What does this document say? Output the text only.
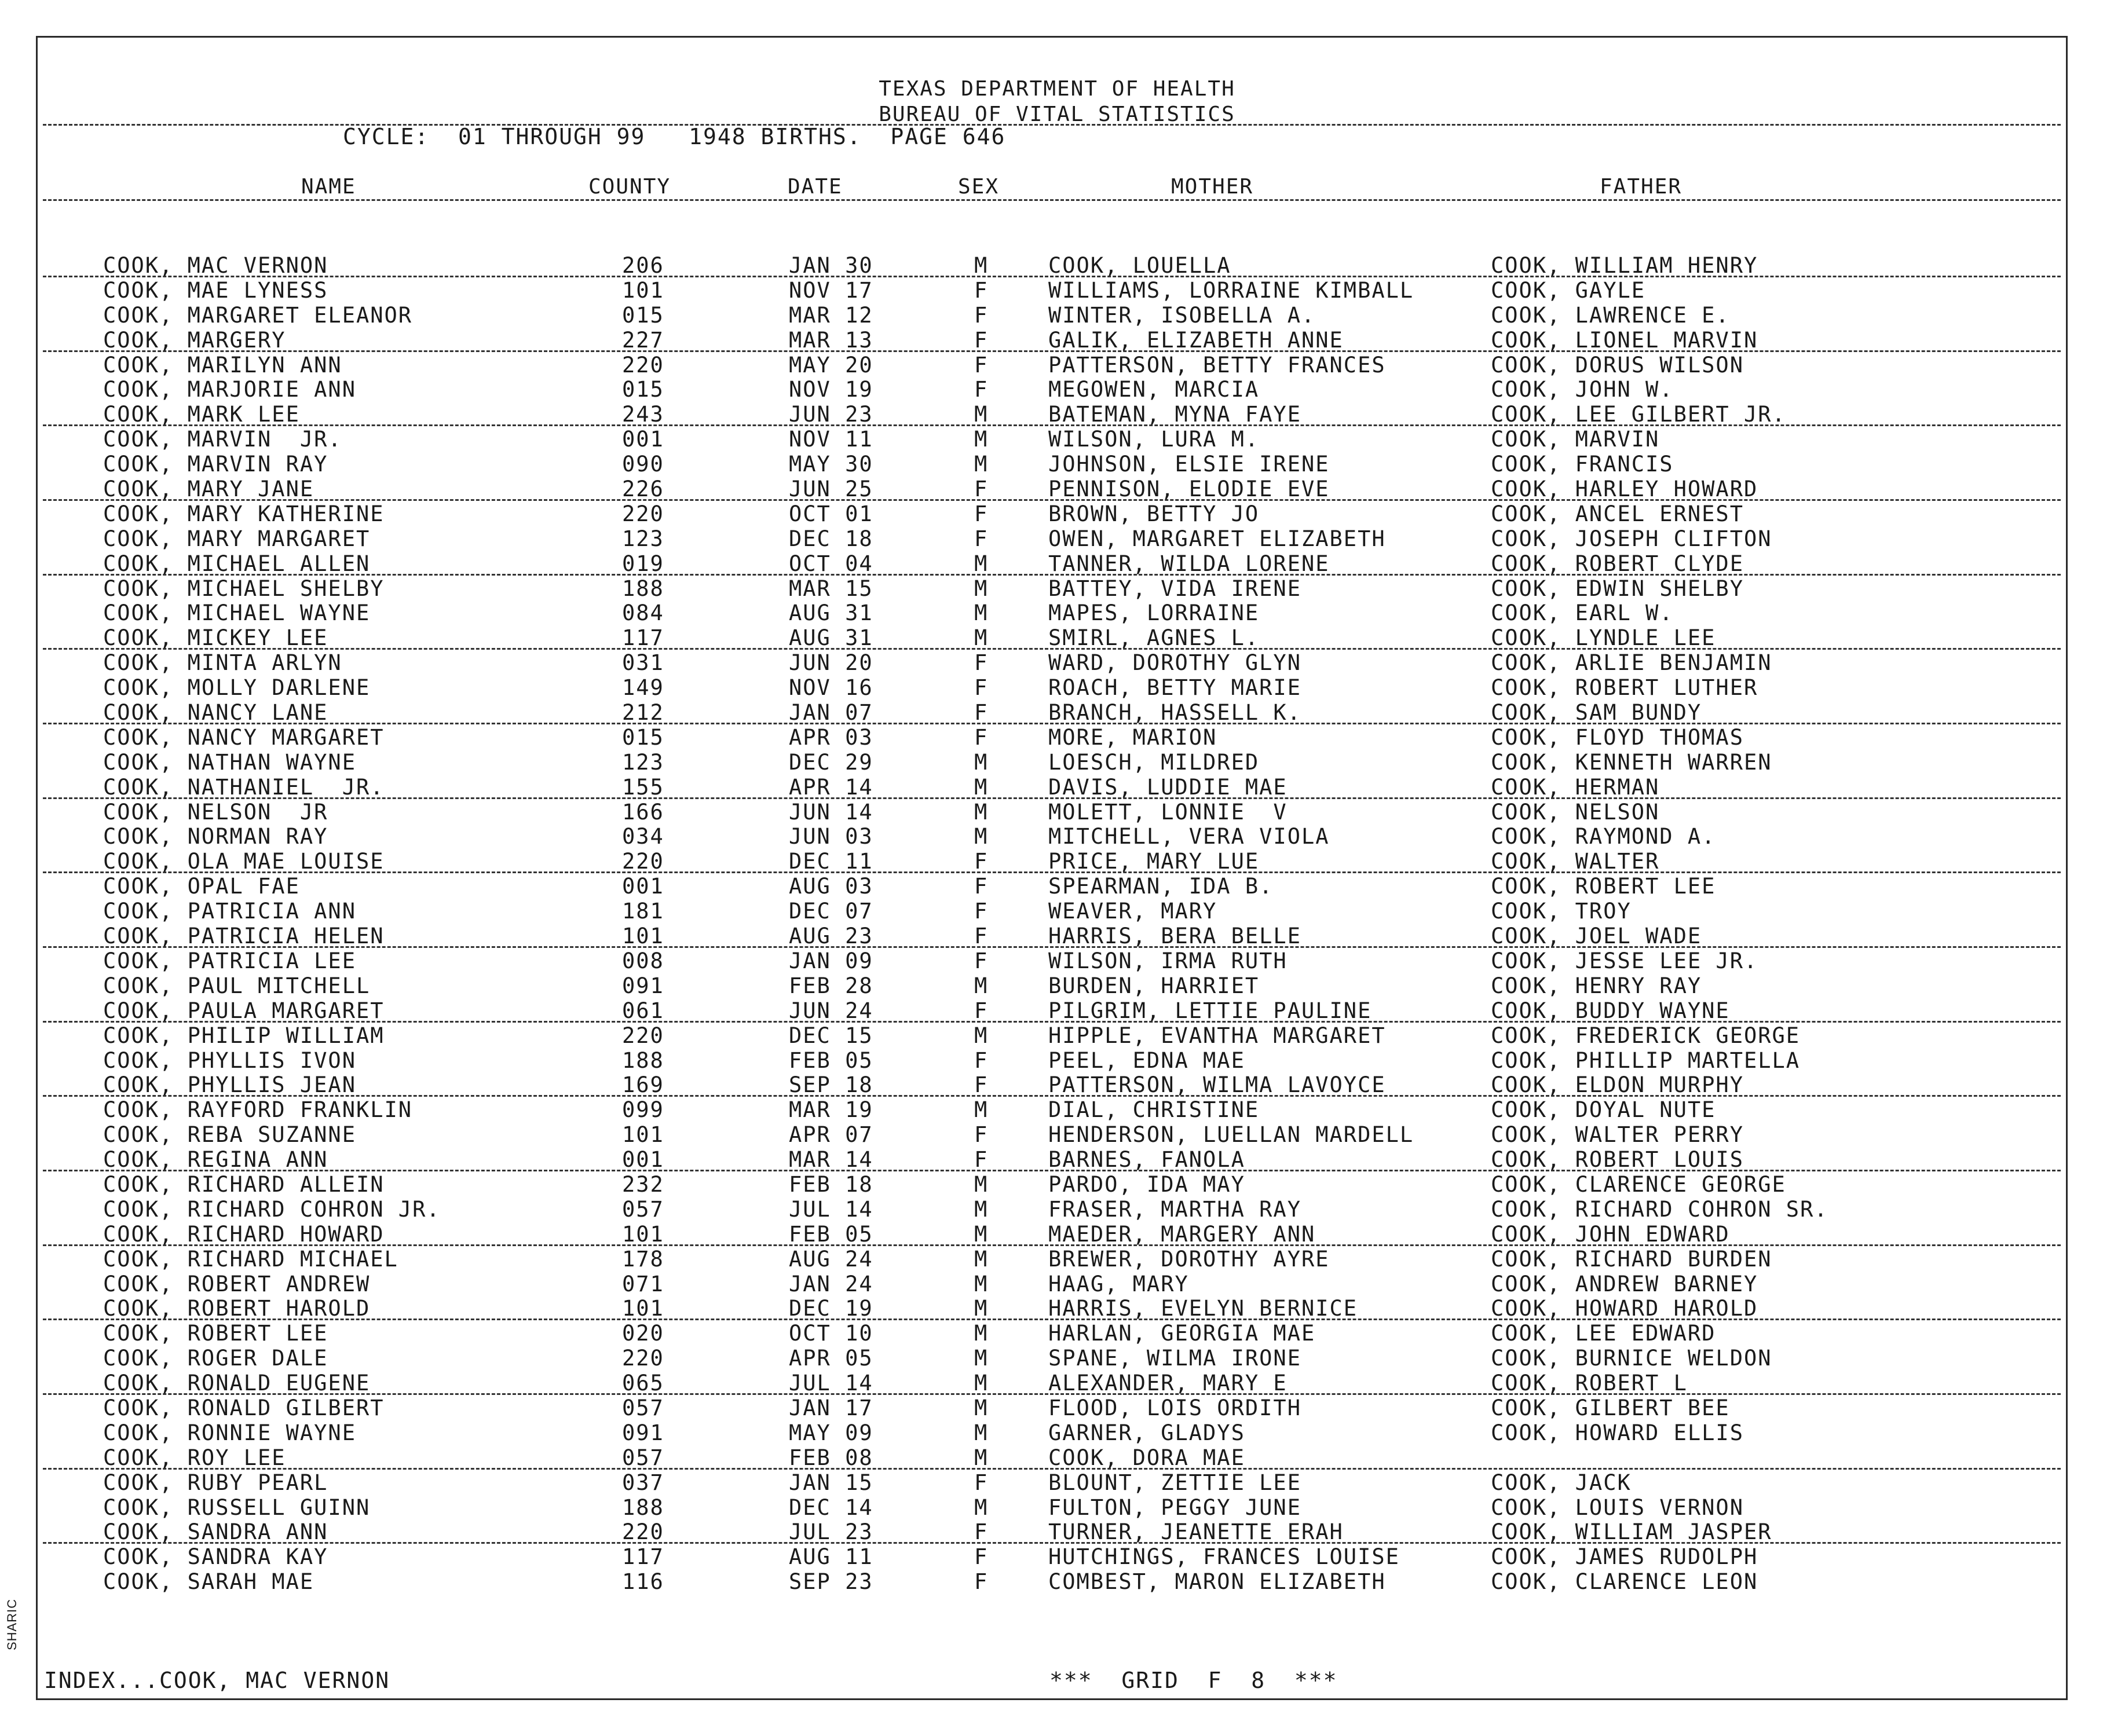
TEXAS DEPARTMENT OF HEALTH
BUREAU OF VITAL STATISTICS
CYCLE:  01 THROUGH 99   1948 BIRTHS.  PAGE 646
NAME	COUNTY	DATE	SEX	MOTHER	FATHER
COOK, MAC VERNON	206	JAN 30	M	COOK, LOUELLA	COOK, WILLIAM HENRY
COOK, MAE LYNESS	101	NOV 17	F	WILLIAMS, LORRAINE KIMBALL	COOK, GAYLE
COOK, MARGARET ELEANOR	015	MAR 12	F	WINTER, ISOBELLA A.	COOK, LAWRENCE E.
COOK, MARGERY	227	MAR 13	F	GALIK, ELIZABETH ANNE	COOK, LIONEL MARVIN
COOK, MARILYN ANN	220	MAY 20	F	PATTERSON, BETTY FRANCES	COOK, DORUS WILSON
COOK, MARJORIE ANN	015	NOV 19	F	MEGOWEN, MARCIA	COOK, JOHN W.
COOK, MARK LEE	243	JUN 23	M	BATEMAN, MYNA FAYE	COOK, LEE GILBERT JR.
COOK, MARVIN  JR.	001	NOV 11	M	WILSON, LURA M.	COOK, MARVIN
COOK, MARVIN RAY	090	MAY 30	M	JOHNSON, ELSIE IRENE	COOK, FRANCIS
COOK, MARY JANE	226	JUN 25	F	PENNISON, ELODIE EVE	COOK, HARLEY HOWARD
COOK, MARY KATHERINE	220	OCT 01	F	BROWN, BETTY JO	COOK, ANCEL ERNEST
COOK, MARY MARGARET	123	DEC 18	F	OWEN, MARGARET ELIZABETH	COOK, JOSEPH CLIFTON
COOK, MICHAEL ALLEN	019	OCT 04	M	TANNER, WILDA LORENE	COOK, ROBERT CLYDE
COOK, MICHAEL SHELBY	188	MAR 15	M	BATTEY, VIDA IRENE	COOK, EDWIN SHELBY
COOK, MICHAEL WAYNE	084	AUG 31	M	MAPES, LORRAINE	COOK, EARL W.
COOK, MICKEY LEE	117	AUG 31	M	SMIRL, AGNES L.	COOK, LYNDLE LEE
COOK, MINTA ARLYN	031	JUN 20	F	WARD, DOROTHY GLYN	COOK, ARLIE BENJAMIN
COOK, MOLLY DARLENE	149	NOV 16	F	ROACH, BETTY MARIE	COOK, ROBERT LUTHER
COOK, NANCY LANE	212	JAN 07	F	BRANCH, HASSELL K.	COOK, SAM BUNDY
COOK, NANCY MARGARET	015	APR 03	F	MORE, MARION	COOK, FLOYD THOMAS
COOK, NATHAN WAYNE	123	DEC 29	M	LOESCH, MILDRED	COOK, KENNETH WARREN
COOK, NATHANIEL  JR.	155	APR 14	M	DAVIS, LUDDIE MAE	COOK, HERMAN
COOK, NELSON  JR	166	JUN 14	M	MOLETT, LONNIE  V	COOK, NELSON
COOK, NORMAN RAY	034	JUN 03	M	MITCHELL, VERA VIOLA	COOK, RAYMOND A.
COOK, OLA MAE LOUISE	220	DEC 11	F	PRICE, MARY LUE	COOK, WALTER
COOK, OPAL FAE	001	AUG 03	F	SPEARMAN, IDA B.	COOK, ROBERT LEE
COOK, PATRICIA ANN	181	DEC 07	F	WEAVER, MARY	COOK, TROY
COOK, PATRICIA HELEN	101	AUG 23	F	HARRIS, BERA BELLE	COOK, JOEL WADE
COOK, PATRICIA LEE	008	JAN 09	F	WILSON, IRMA RUTH	COOK, JESSE LEE JR.
COOK, PAUL MITCHELL	091	FEB 28	M	BURDEN, HARRIET	COOK, HENRY RAY
COOK, PAULA MARGARET	061	JUN 24	F	PILGRIM, LETTIE PAULINE	COOK, BUDDY WAYNE
COOK, PHILIP WILLIAM	220	DEC 15	M	HIPPLE, EVANTHA MARGARET	COOK, FREDERICK GEORGE
COOK, PHYLLIS IVON	188	FEB 05	F	PEEL, EDNA MAE	COOK, PHILLIP MARTELLA
COOK, PHYLLIS JEAN	169	SEP 18	F	PATTERSON, WILMA LAVOYCE	COOK, ELDON MURPHY
COOK, RAYFORD FRANKLIN	099	MAR 19	M	DIAL, CHRISTINE	COOK, DOYAL NUTE
COOK, REBA SUZANNE	101	APR 07	F	HENDERSON, LUELLAN MARDELL	COOK, WALTER PERRY
COOK, REGINA ANN	001	MAR 14	F	BARNES, FANOLA	COOK, ROBERT LOUIS
COOK, RICHARD ALLEIN	232	FEB 18	M	PARDO, IDA MAY	COOK, CLARENCE GEORGE
COOK, RICHARD COHRON JR.	057	JUL 14	M	FRASER, MARTHA RAY	COOK, RICHARD COHRON SR.
COOK, RICHARD HOWARD	101	FEB 05	M	MAEDER, MARGERY ANN	COOK, JOHN EDWARD
COOK, RICHARD MICHAEL	178	AUG 24	M	BREWER, DOROTHY AYRE	COOK, RICHARD BURDEN
COOK, ROBERT ANDREW	071	JAN 24	M	HAAG, MARY	COOK, ANDREW BARNEY
COOK, ROBERT HAROLD	101	DEC 19	M	HARRIS, EVELYN BERNICE	COOK, HOWARD HAROLD
COOK, ROBERT LEE	020	OCT 10	M	HARLAN, GEORGIA MAE	COOK, LEE EDWARD
COOK, ROGER DALE	220	APR 05	M	SPANE, WILMA IRONE	COOK, BURNICE WELDON
COOK, RONALD EUGENE	065	JUL 14	M	ALEXANDER, MARY E	COOK, ROBERT L
COOK, RONALD GILBERT	057	JAN 17	M	FLOOD, LOIS ORDITH	COOK, GILBERT BEE
COOK, RONNIE WAYNE	091	MAY 09	M	GARNER, GLADYS	COOK, HOWARD ELLIS
COOK, ROY LEE	057	FEB 08	M	COOK, DORA MAE
COOK, RUBY PEARL	037	JAN 15	F	BLOUNT, ZETTIE LEE	COOK, JACK
COOK, RUSSELL GUINN	188	DEC 14	M	FULTON, PEGGY JUNE	COOK, LOUIS VERNON
COOK, SANDRA ANN	220	JUL 23	F	TURNER, JEANETTE ERAH	COOK, WILLIAM JASPER
COOK, SANDRA KAY	117	AUG 11	F	HUTCHINGS, FRANCES LOUISE	COOK, JAMES RUDOLPH
COOK, SARAH MAE	116	SEP 23	F	COMBEST, MARON ELIZABETH	COOK, CLARENCE LEON
INDEX...COOK, MAC VERNON	***  GRID  F  8  ***
SHARIC
